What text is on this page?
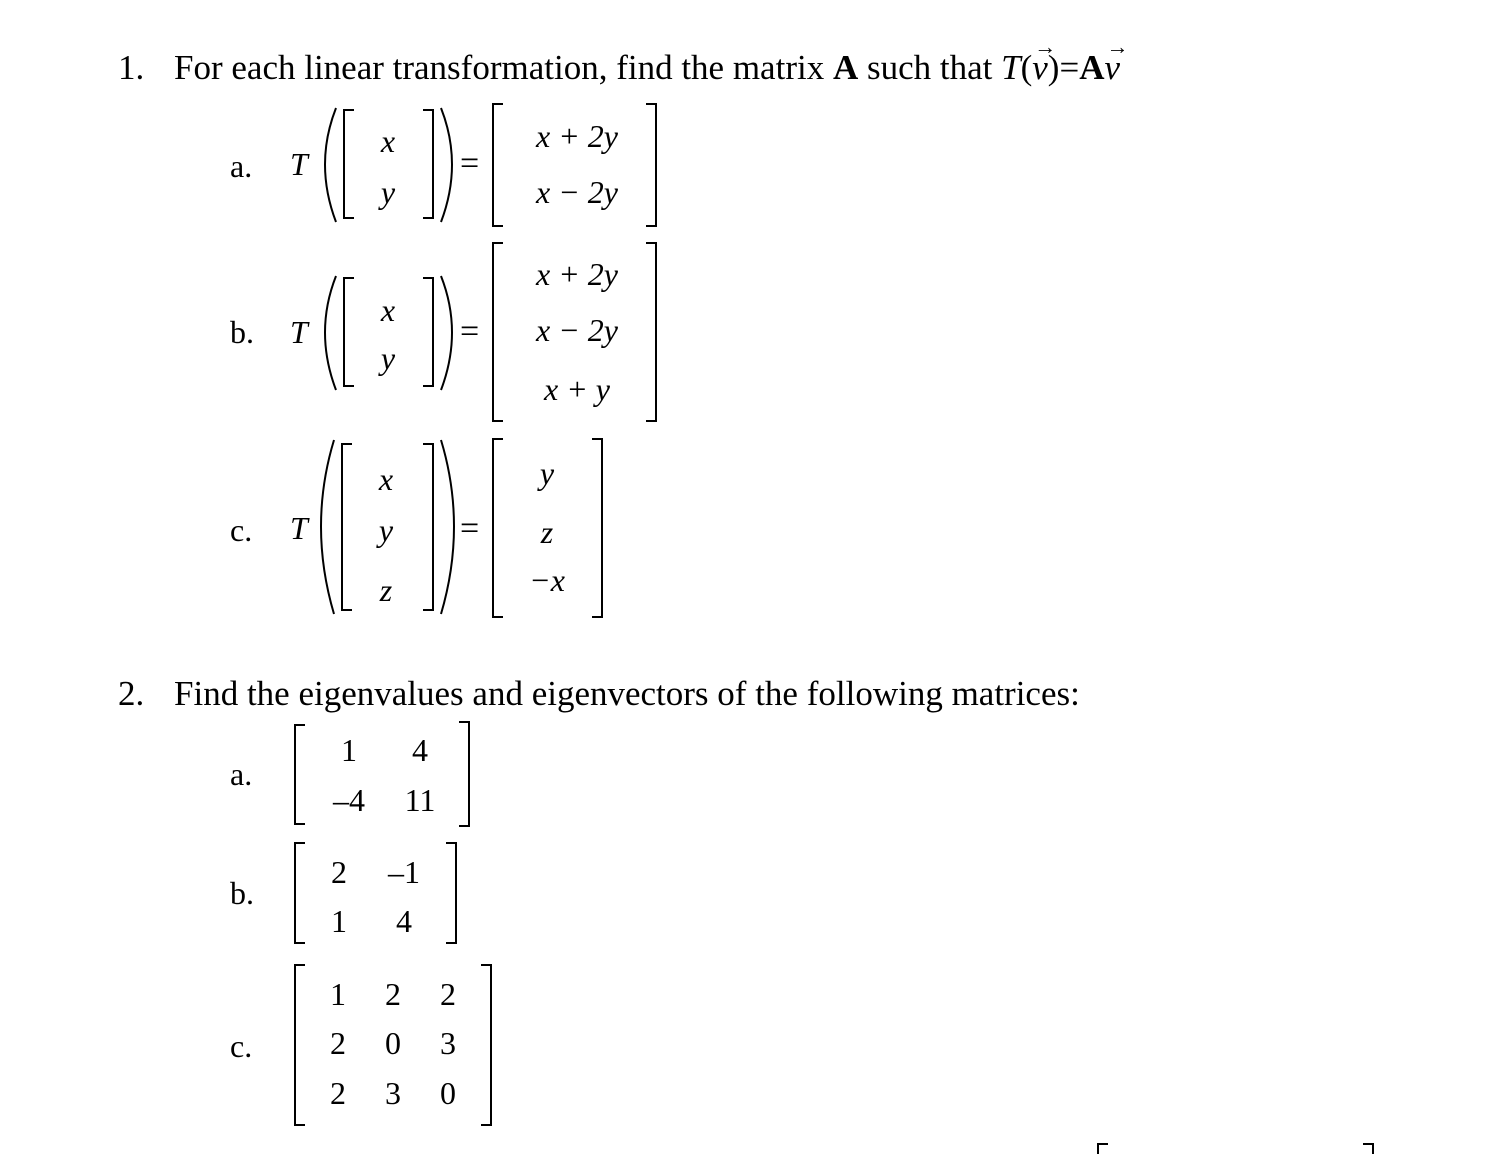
1. For each linear transformation, find the matrix A such that T(
→
v)=A
→
v
a. T
x
y
=
x + 2y
x − 2y
b. T
x
y
=
x + 2y
x − 2y
x + y
c. T
x
y
z
=
y
z
−x
2. Find the eigenvalues and eigenvectors of the following matrices:
a.
1 4
–4 11
b.
2 –1
1 4
c.
1 2 2
2 0 3
2 3 0
